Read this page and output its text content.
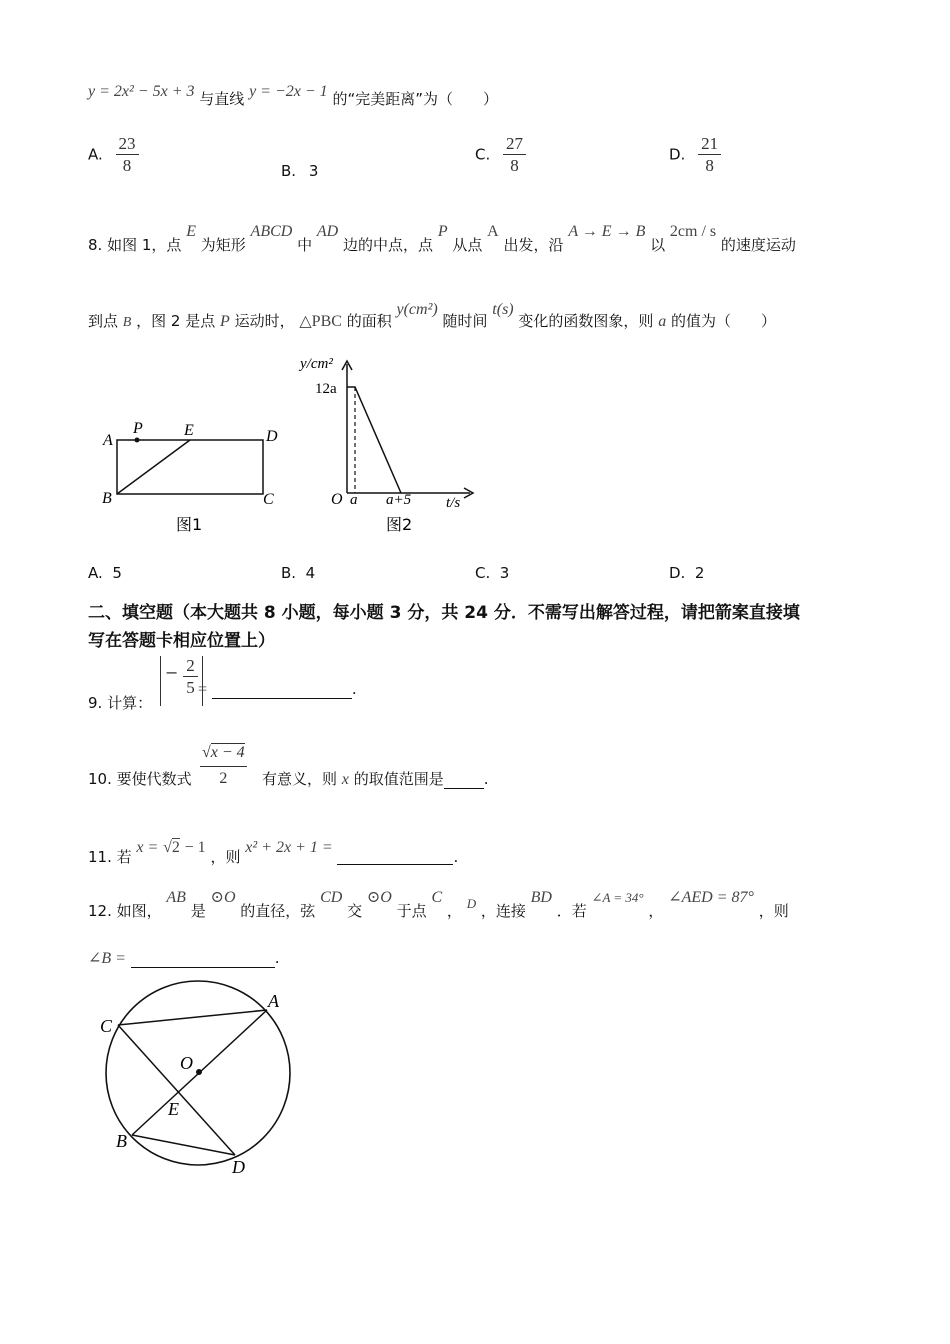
y = 2x² − 5x + 3 与直线 y = −2x − 1 的“完美距离”为（　　）
A. $\frac{23}{8}$	B. 3
C. $\frac{27}{8}$	D. $\frac{21}{8}$
8. 如图 1，点 E 为矩形 ABCD 中 AD 边的中点，点 P 从点 A 出发，沿 A → E → B 以 2cm / s 的速度运动
到点 B ，图 2 是点 P 运动时， △PBC 的面积 y(cm²) 随时间 t(s) 变化的函数图象，则 a 的值为（　　）
A
P	E	D
B	C
图1
y/cm²
12a
O a a+5 t/s
图2
A. 5	B. 4	C. 3	D. 2
二、填空题（本大题共 8 小题，每小题 3 分，共 24 分．不需写出解答过程，请把箭案直接填
写在答题卡相应位置上）
9. 计算：
− $\frac{2}{5}$ =	.
10. 要使代数式 $\frac{√x - 4}{2}$ 有意义，则 x 的取值范围是	.
11. 若 x = √2 − 1 ，则 x² + 2x + 1 = .
12. 如图， AB 是 ⊙O 的直径，弦 CD 交 ⊙O 于点 C ， D ，连接 BD ．若 ∠A = 34° ， ∠AED = 87° ，则
∠B =	.
C
A
O
E
B
D
